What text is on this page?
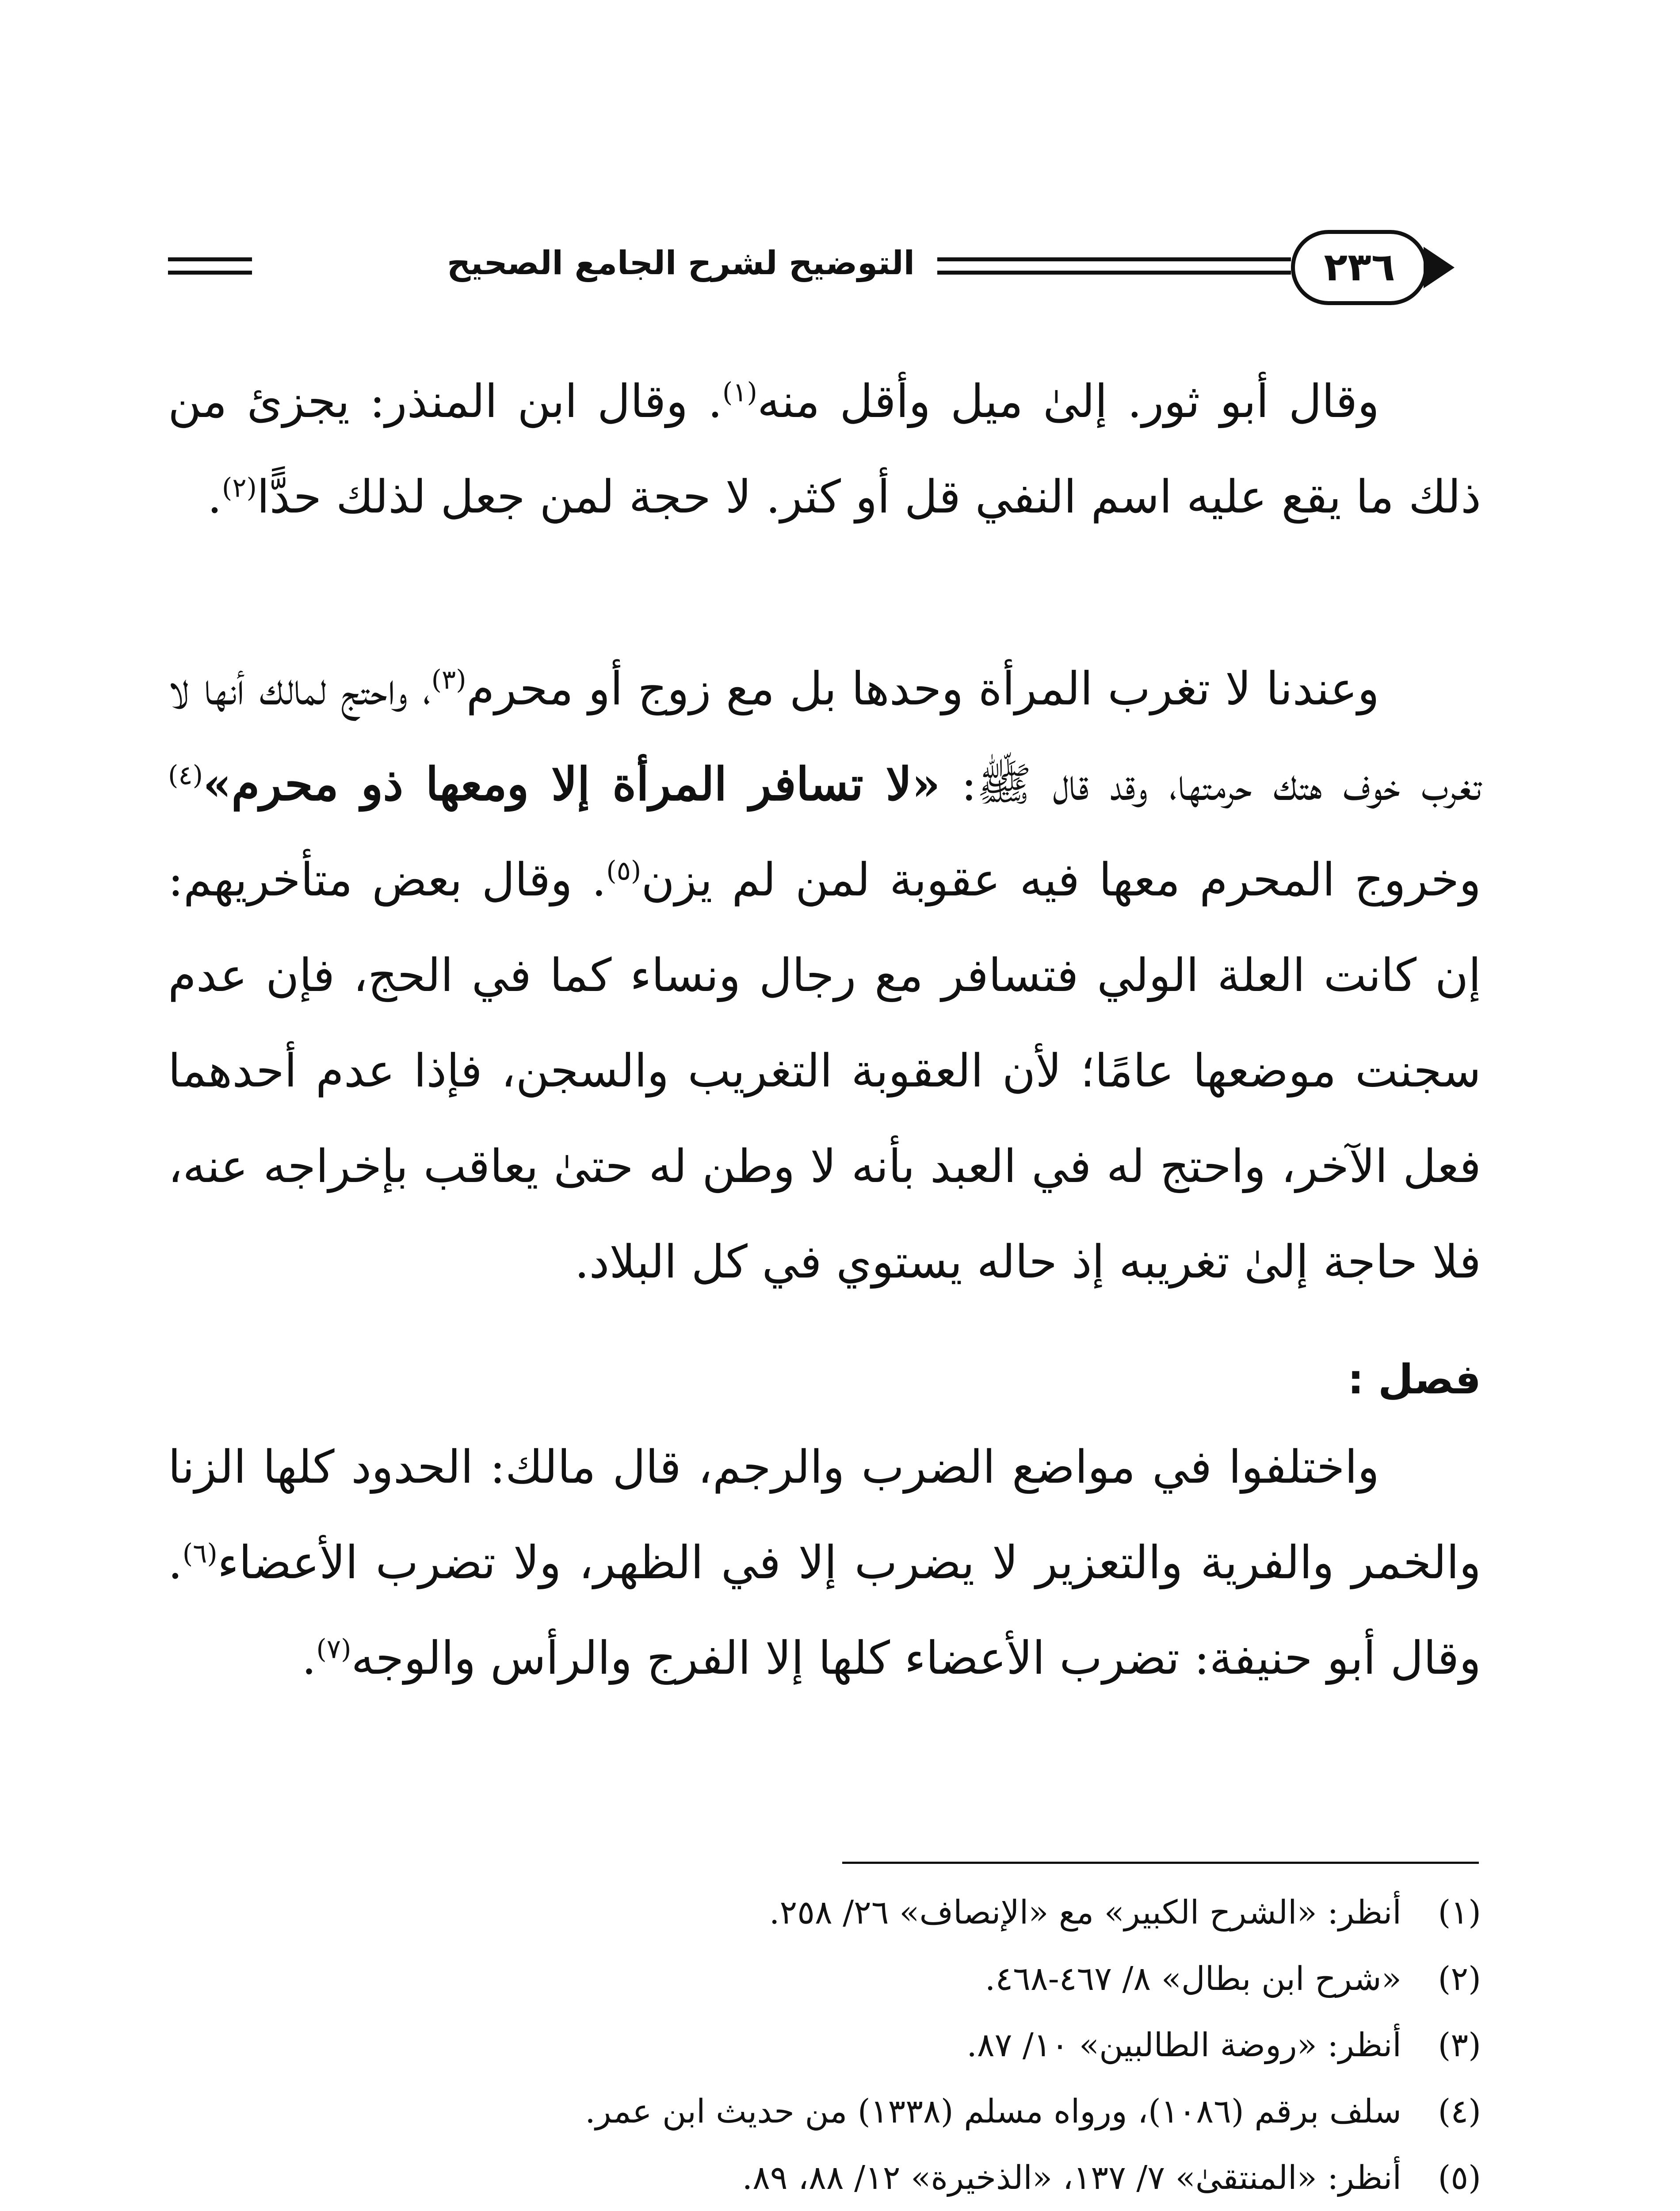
التوضيح لشرح الجامع الصحيح	٢٣٦

وقال أبو ثور. إلىٰ ميل وأقل منه$^{(١)}$. وقال ابن المنذر: يجزئ من ذلك ما يقع عليه اسم النفي قل أو كثر. لا حجة لمن جعل لذلك حدًّا$^{(٢)}$.

وعندنا لا تغرب المرأة وحدها بل مع زوج أو محرم$^{(٣)}$، واحتج لمالك أنها لا تغرب خوف هتك حرمتها، وقد قال ﷺ: «لا تسافر المرأة إلا ومعها ذو محرم»$^{(٤)}$ وخروج المحرم معها فيه عقوبة لمن لم يزن$^{(٥)}$. وقال بعض متأخريهم: إن كانت العلة الولي فتسافر مع رجال ونساء كما في الحج، فإن عدم سجنت موضعها عامًا؛ لأن العقوبة التغريب والسجن، فإذا عدم أحدهما فعل الآخر، واحتج له في العبد بأنه لا وطن له حتىٰ يعاقب بإخراجه عنه، فلا حاجة إلىٰ تغريبه إذ حاله يستوي في كل البلاد.

فصل :

واختلفوا في مواضع الضرب والرجم، قال مالك: الحدود كلها الزنا والخمر والفرية والتعزير لا يضرب إلا في الظهر، ولا تضرب الأعضاء$^{(٦)}$. وقال أبو حنيفة: تضرب الأعضاء كلها إلا الفرج والرأس والوجه$^{(٧)}$.

(١)
أنظر: «الشرح الكبير» مع «الإنصاف» ٢٦/ ٢٥٨.
(٢)
«شرح ابن بطال» ٨/ ٤٦٧-٤٦٨.
(٣)
أنظر: «روضة الطالبين» ١٠/ ٨٧.
(٤)
سلف برقم (١٠٨٦)، ورواه مسلم (١٣٣٨) من حديث ابن عمر.
(٥)
أنظر: «المنتقىٰ» ٧/ ١٣٧، «الذخيرة» ١٢/ ٨٨، ٨٩.
